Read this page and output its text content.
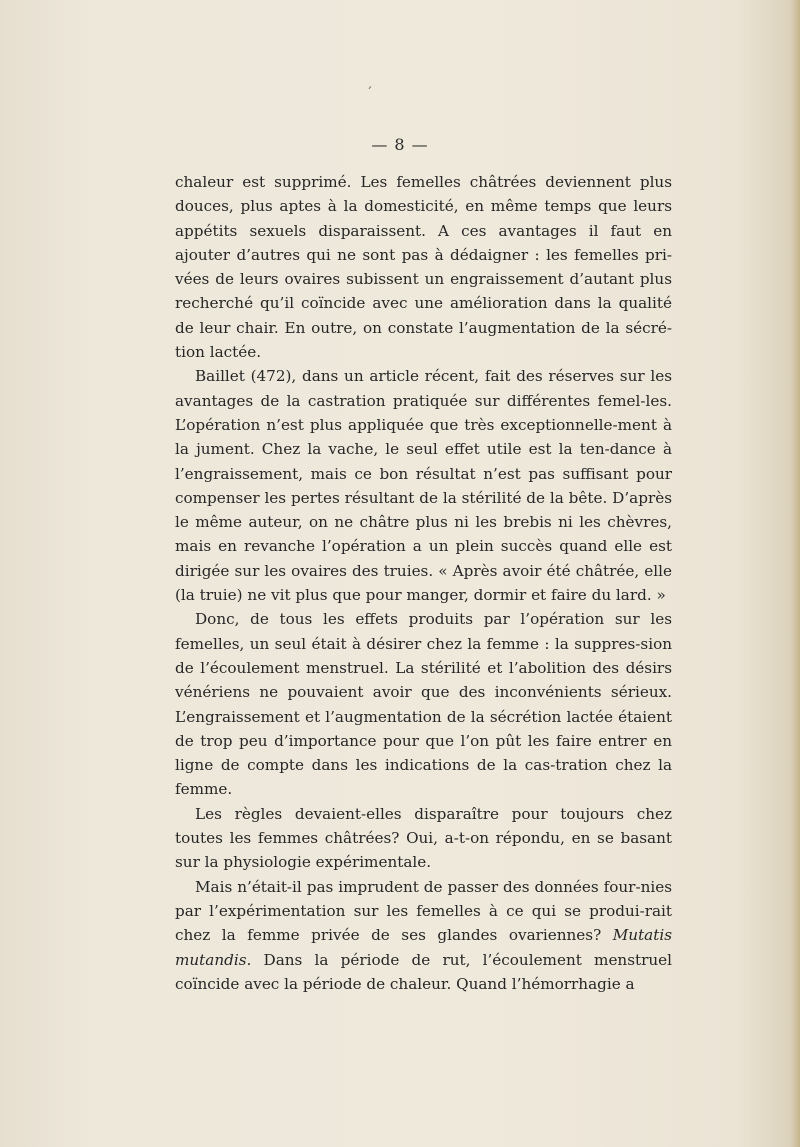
ˊ
— 8 —

chaleur est supprimé. Les femelles châtrées deviennent plus douces, plus aptes à la domesticité, en même temps que leurs appétits sexuels disparaissent. A ces avantages il faut en ajouter d’autres qui ne sont pas à dédaigner : les femelles pri-vées de leurs ovaires subissent un engraissement d’autant plus recherché qu’il coïncide avec une amélioration dans la qualité de leur chair. En outre, on constate l’augmentation de la sécré-tion lactée.

Baillet (472), dans un article récent, fait des réserves sur les avantages de la castration pratiquée sur différentes femel-les. L’opération n’est plus appliquée que très exceptionnelle-ment à la jument. Chez la vache, le seul effet utile est la ten-dance à l’engraissement, mais ce bon résultat n’est pas suffisant pour compenser les pertes résultant de la stérilité de la bête. D’après le même auteur, on ne châtre plus ni les brebis ni les chèvres, mais en revanche l’opération a un plein succès quand elle est dirigée sur les ovaires des truies. « Après avoir été châtrée, elle (la truie) ne vit plus que pour manger, dormir et faire du lard. »

Donc, de tous les effets produits par l’opération sur les femelles, un seul était à désirer chez la femme : la suppres-sion de l’écoulement menstruel. La stérilité et l’abolition des désirs vénériens ne pouvaient avoir que des inconvénients sérieux. L’engraissement et l’augmentation de la sécrétion lactée étaient de trop peu d’importance pour que l’on pût les faire entrer en ligne de compte dans les indications de la cas-tration chez la femme.

Les règles devaient-elles disparaître pour toujours chez toutes les femmes châtrées? Oui, a-t-on répondu, en se basant sur la physiologie expérimentale.

Mais n’était-il pas imprudent de passer des données four-nies par l’expérimentation sur les femelles à ce qui se produi-rait chez la femme privée de ses glandes ovariennes? Mutatis mutandis. Dans la période de rut, l’écoulement menstruel coïncide avec la période de chaleur. Quand l’hémorrhagie a
